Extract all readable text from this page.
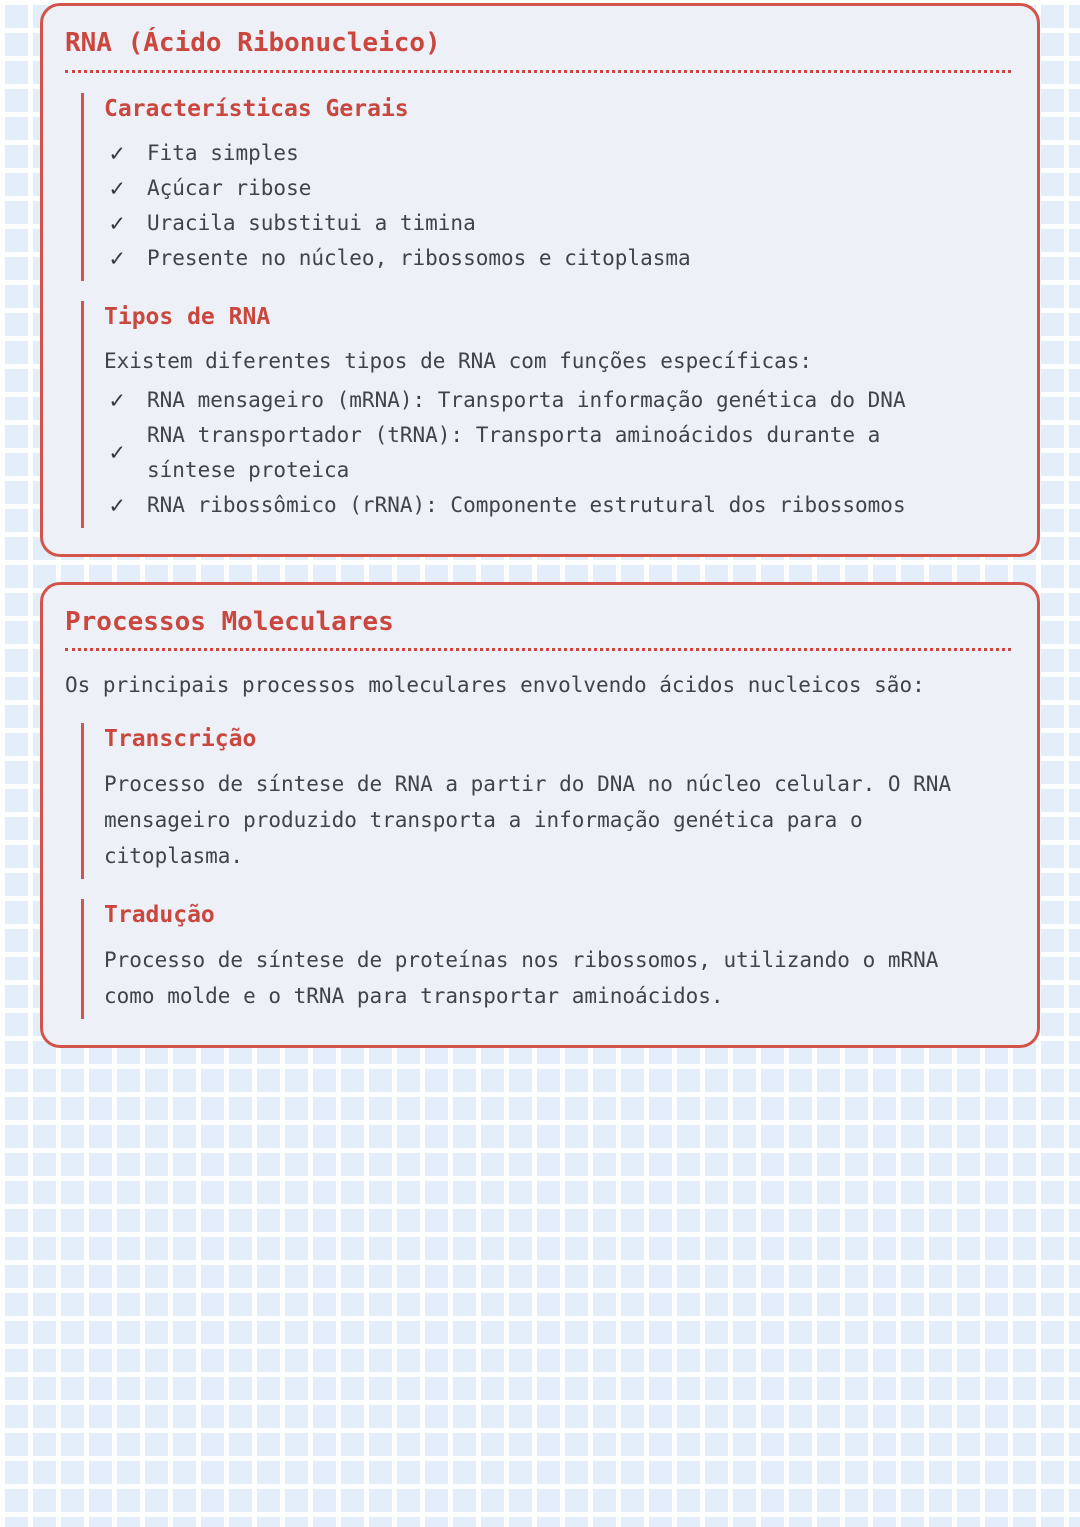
RNA (Ácido Ribonucleico)
Características Gerais
✓ Fita simples
✓ Açúcar ribose
✓ Uracila substitui a timina
✓ Presente no núcleo, ribossomos e citoplasma
Tipos de RNA

Existem diferentes tipos de RNA com funções específicas:

✓ RNA mensageiro (mRNA): Transporta informação genética do DNA
✓
RNA transportador (tRNA): Transporta aminoácidos durante a síntese proteica
✓ RNA ribossômico (rRNA): Componente estrutural dos ribossomos
Processos Moleculares

Os principais processos moleculares envolvendo ácidos nucleicos são:

Transcrição

Processo de síntese de RNA a partir do DNA no núcleo celular. O RNA mensageiro produzido transporta a informação genética para o citoplasma.

Tradução

Processo de síntese de proteínas nos ribossomos, utilizando o mRNA como molde e o tRNA para transportar aminoácidos.
